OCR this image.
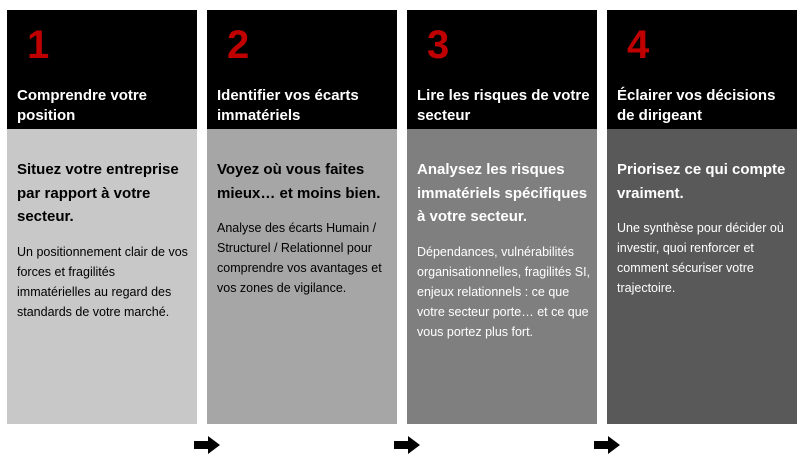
1
Comprendre votre position

Situez votre entreprise par rapport à votre secteur.

Un positionnement clair de vos forces et fragilités immatérielles au regard des standards de votre marché.

2
Identifier vos écarts immatériels

Voyez où vous faites mieux… et moins bien.

Analyse des écarts Humain / Structurel / Relationnel pour comprendre vos avantages et vos zones de vigilance.

3
Lire les risques de votre secteur

Analysez les risques immatériels spécifiques à votre secteur.

Dépendances, vulnérabilités organisationnelles, fragilités SI, enjeux relationnels : ce que votre secteur porte… et ce que vous portez plus fort.

4
Éclairer vos décisions de dirigeant

Priorisez ce qui compte vraiment.

Une synthèse pour décider où investir, quoi renforcer et comment sécuriser votre trajectoire.
